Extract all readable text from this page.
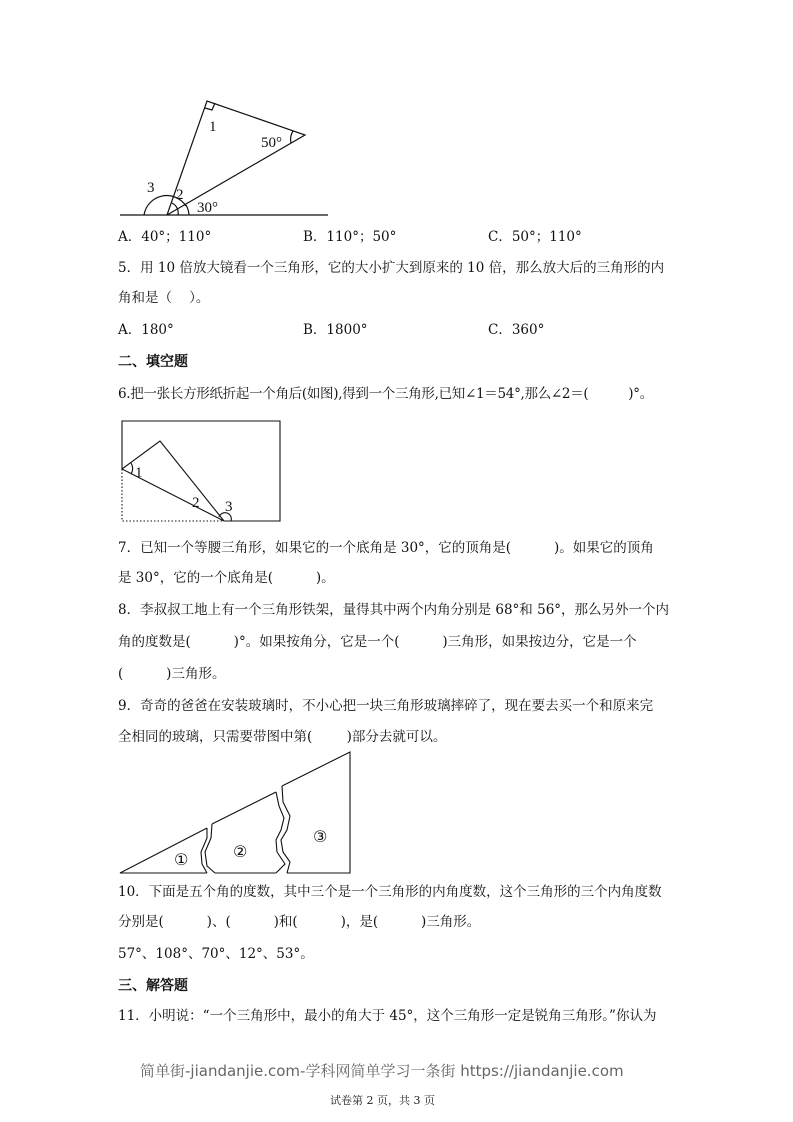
1
50°
3 2
30°
1
2 3
①	②
③
A．40°；110°	B．110°；50°	C．50°；110°
5．用 10 倍放大镜看一个三角形，它的大小扩大到原来的 10 倍，那么放大后的三角形的内
角和是（    ）。
A．180°	B．1800°	C．360°
二、填空题
6.把一张长方形纸折起一个角后(如图),得到一个三角形,已知∠1＝54°,那么∠2＝(          )°。
7．已知一个等腰三角形，如果它的一个底角是 30°，它的顶角是(          )。如果它的顶角
是 30°，它的一个底角是(          )。
8．李叔叔工地上有一个三角形铁架，量得其中两个内角分别是 68°和 56°，那么另外一个内
角的度数是(          )°。如果按角分，它是一个(          )三角形，如果按边分，它是一个
(          )三角形。
9．奇奇的爸爸在安装玻璃时，不小心把一块三角形玻璃摔碎了，现在要去买一个和原来完
全相同的玻璃，只需要带图中第(        )部分去就可以。
10．下面是五个角的度数，其中三个是一个三角形的内角度数，这个三角形的三个内角度数
分别是(          )、(          )和(          )，是(          )三角形。
57°、108°、70°、12°、53°。
三、解答题
11．小明说：“一个三角形中，最小的角大于 45°，这个三角形一定是锐角三角形。”你认为
简单街-jiandanjie.com-学科网简单学习一条街 https://jiandanjie.com
试卷第 2 页，共 3 页
